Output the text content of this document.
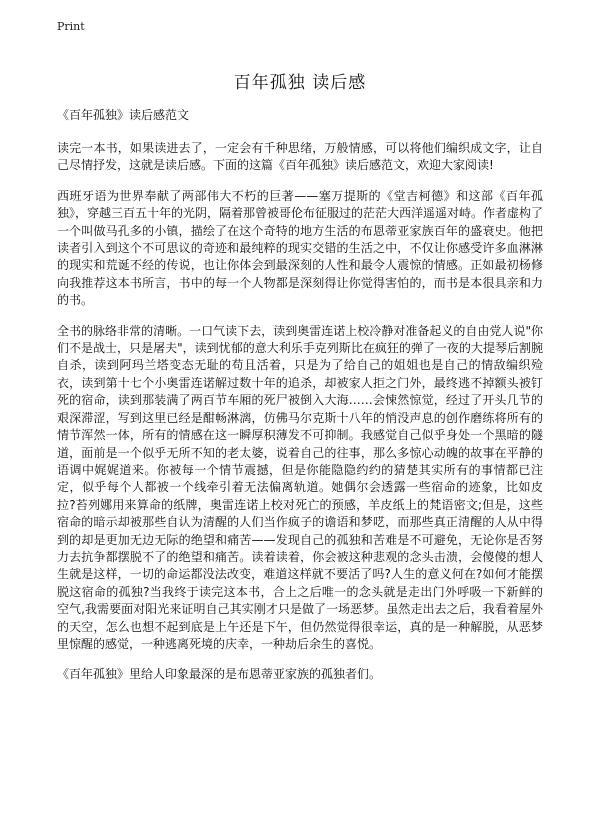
Print

百年孤独 读后感

《百年孤独》读后感范文

读完一本书，如果读进去了，一定会有千种思绪，万般情感，可以将他们编织成文字，让自己尽情抒发，这就是读后感。下面的这篇《百年孤独》读后感范文，欢迎大家阅读!

西班牙语为世界奉献了两部伟大不朽的巨著——塞万提斯的《堂吉柯德》和这部《百年孤独》，穿越三百五十年的光阴，隔着那曾被哥伦布征服过的茫茫大西洋遥遥对峙。作者虚构了一个叫做马孔多的小镇，描绘了在这个奇特的地方生活的布恩蒂亚家族百年的盛衰史。他把读者引入到这个不可思议的奇迹和最纯粹的现实交错的生活之中，不仅让你感受许多血淋淋的现实和荒诞不经的传说，也让你体会到最深刻的人性和最令人震惊的情感。正如最初杨修向我推荐这本书所言，书中的每一个人物都是深刻得让你觉得害怕的，而书是本很具亲和力的书。

全书的脉络非常的清晰。一口气读下去，读到奥雷连诺上校冷静对准备起义的自由党人说"你们不是战士，只是屠夫"，读到忧郁的意大利乐手克列斯比在疯狂的弹了一夜的大提琴后割腕自杀，读到阿玛兰塔变态无耻的苟且活着，只是为了给自己的姐姐也是自己的情敌编织殓衣，读到第十七个小奥雷连诺解过数十年的追杀，却被家人拒之门外，最终逃不掉额头被钉死的宿命，读到那装满了两百节车厢的死尸被倒入大海……会悚然惊觉，经过了开头几节的艰深滞涩，写到这里已经是酣畅淋漓，仿佛马尔克斯十八年的悄没声息的创作磨练将所有的情节浑然一体，所有的情感在这一瞬厚积薄发不可抑制。我感觉自己似乎身处一个黑暗的隧道，面前是一个似乎无所不知的老太婆，说着自己的往事，那么多惊心动魄的故事在平静的语调中娓娓道来。你被每一个情节震撼，但是你能隐隐约约的猜楚其实所有的事情都已注定，似乎每个人都被一个线牵引着无法偏离轨道。她偶尔会透露一些宿命的迹象，比如皮拉?苔列娜用来算命的纸牌，奥雷连诺上校对死亡的预感，羊皮纸上的梵语密文;但是，这些宿命的暗示却被那些自认为清醒的人们当作疯子的谵语和梦呓，而那些真正清醒的人从中得到的却是更加无边无际的绝望和痛苦——发现自己的孤独和苦难是不可避免，无论你是否努力去抗争都摆脱不了的绝望和痛苦。读着读着，你会被这种悲观的念头击溃，会傻傻的想人生就是这样，一切的命运都没法改变，难道这样就不要活了吗?人生的意义何在?如何才能摆脱这宿命的孤独?当我终于读完这本书，合上之后唯一的念头就是走出门外呼吸一下新鲜的空气,我需要面对阳光来证明自己其实刚才只是做了一场恶梦。虽然走出去之后，我看着屋外的天空，怎么也想不起到底是上午还是下午，但仍然觉得很幸运，真的是一种解脱，从恶梦里惊醒的感觉，一种逃离死境的庆幸，一种劫后余生的喜悦。

《百年孤独》里给人印象最深的是布恩蒂亚家族的孤独者们。
